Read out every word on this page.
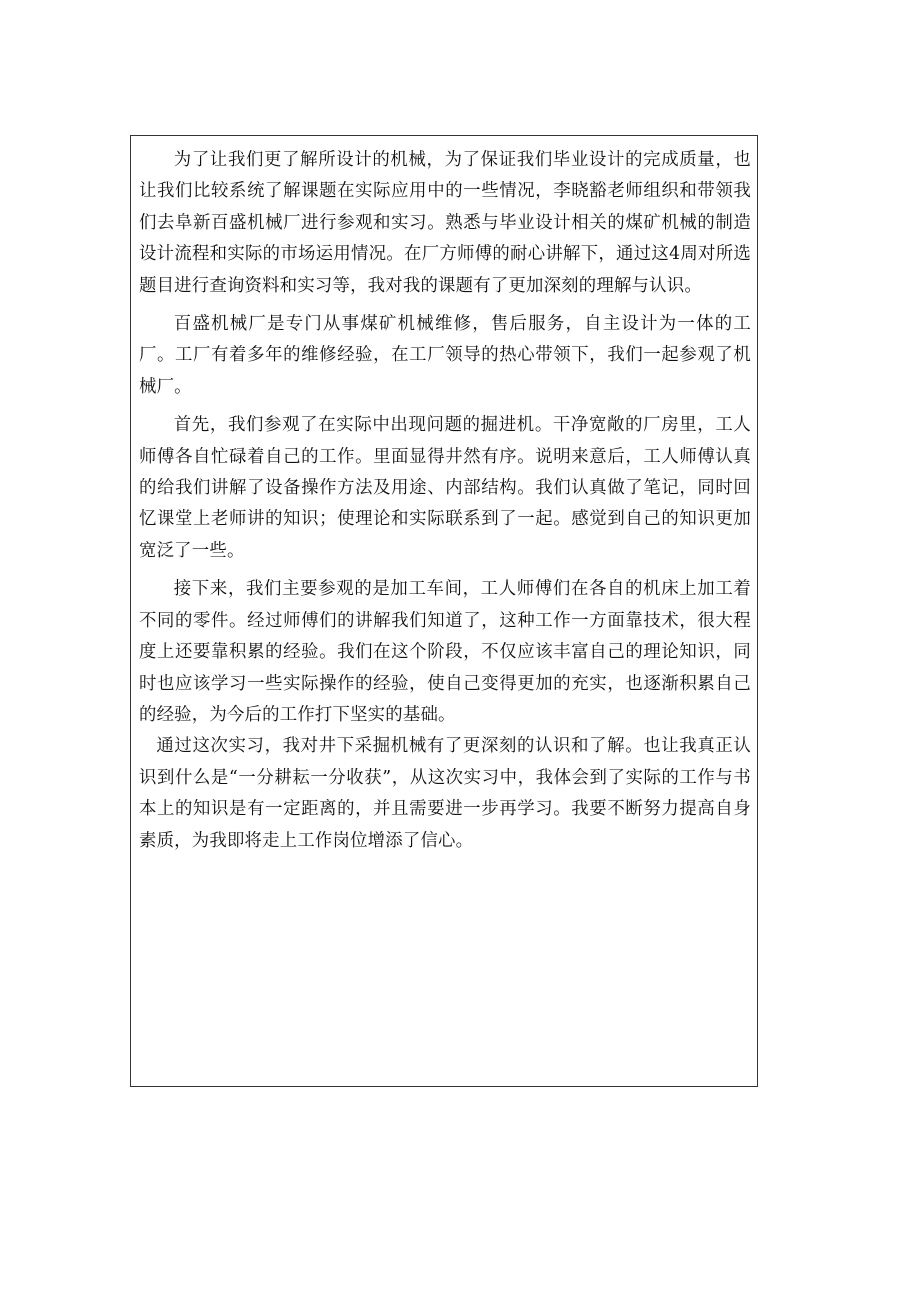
为了让我们更了解所设计的机械，为了保证我们毕业设计的完成质量，也让我们比较系统了解课题在实际应用中的一些情况，李晓豁老师组织和带领我们去阜新百盛机械厂进行参观和实习。熟悉与毕业设计相关的煤矿机械的制造设计流程和实际的市场运用情况。在厂方师傅的耐心讲解下，通过这4周对所选题目进行查询资料和实习等，我对我的课题有了更加深刻的理解与认识。

百盛机械厂是专门从事煤矿机械维修，售后服务，自主设计为一体的工厂。工厂有着多年的维修经验，在工厂领导的热心带领下，我们一起参观了机械厂。

首先，我们参观了在实际中出现问题的掘进机。干净宽敞的厂房里，工人师傅各自忙碌着自己的工作。里面显得井然有序。说明来意后，工人师傅认真的给我们讲解了设备操作方法及用途、内部结构。我们认真做了笔记，同时回忆课堂上老师讲的知识；使理论和实际联系到了一起。感觉到自己的知识更加宽泛了一些。

接下来，我们主要参观的是加工车间，工人师傅们在各自的机床上加工着不同的零件。经过师傅们的讲解我们知道了，这种工作一方面靠技术，很大程度上还要靠积累的经验。我们在这个阶段，不仅应该丰富自己的理论知识，同时也应该学习一些实际操作的经验，使自己变得更加的充实，也逐渐积累自己的经验，为今后的工作打下坚实的基础。

通过这次实习，我对井下采掘机械有了更深刻的认识和了解。也让我真正认识到什么是“一分耕耘一分收获”，从这次实习中，我体会到了实际的工作与书本上的知识是有一定距离的，并且需要进一步再学习。我要不断努力提高自身素质，为我即将走上工作岗位增添了信心。
